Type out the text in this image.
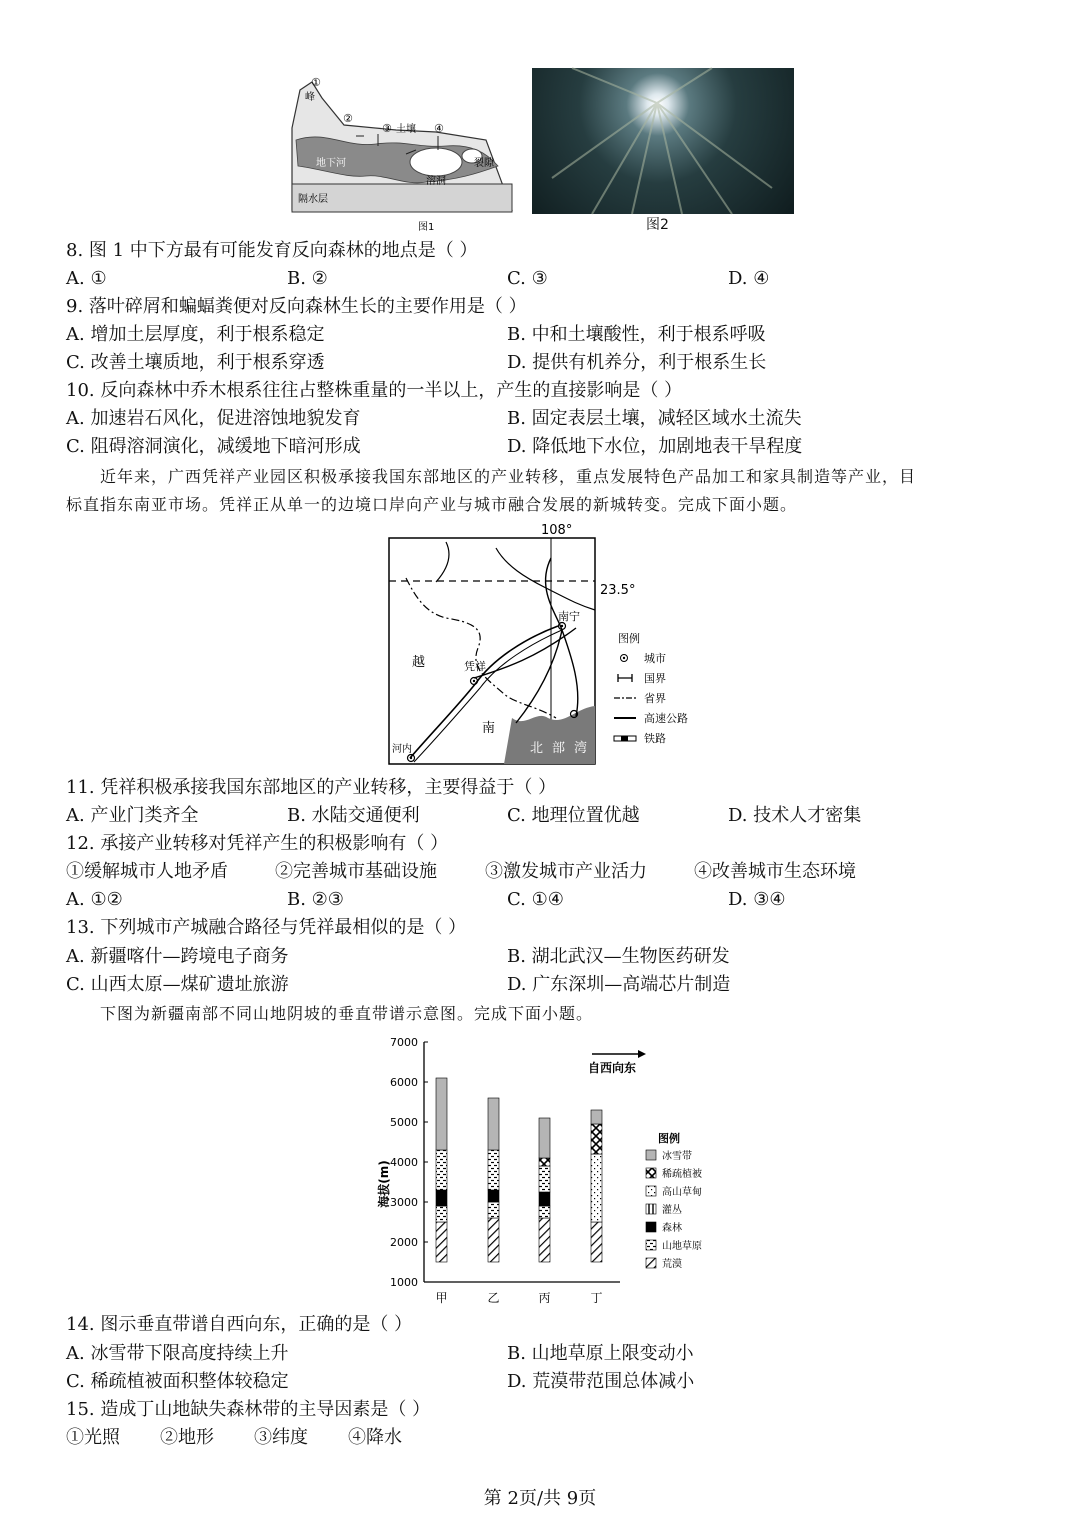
①
峰
②
③ 土壤 ④
裂隙
地下河
溶洞
隔水层
图1	图2
8. 图 1 中下方最有可能发育反向森林的地点是（ ）
A. ①	B. ②	C. ③	D. ④
9. 落叶碎屑和蝙蝠粪便对反向森林生长的主要作用是（ ）
A. 增加土层厚度，利于根系稳定	B. 中和土壤酸性，利于根系呼吸
C. 改善土壤质地，利于根系穿透	D. 提供有机养分，利于根系生长
10. 反向森林中乔木根系往往占整株重量的一半以上，产生的直接影响是（ ）
A. 加速岩石风化，促进溶蚀地貌发育	B. 固定表层土壤，减轻区域水土流失
C. 阻碍溶洞演化，减缓地下暗河形成	D. 降低地下水位，加剧地表干旱程度
近年来，广西凭祥产业园区积极承接我国东部地区的产业转移，重点发展特色产品加工和家具制造等产业，目
标直指东南亚市场。凭祥正从单一的边境口岸向产业与城市融合发展的新城转变。完成下面小题。
108°
23.5°
南宁
凭祥
河内
越
南
北 部 湾
图例
城市
国界
省界
高速公路
铁路
11. 凭祥积极承接我国东部地区的产业转移，主要得益于（ ）
A. 产业门类齐全	B. 水陆交通便利	C. 地理位置优越	D. 技术人才密集
12. 承接产业转移对凭祥产生的积极影响有（ ）
①缓解城市人地矛盾	②完善城市基础设施	③激发城市产业活力	④改善城市生态环境
A. ①②	B. ②③	C. ①④	D. ③④
13. 下列城市产城融合路径与凭祥最相似的是（ ）
A. 新疆喀什—跨境电子商务	B. 湖北武汉—生物医药研发
C. 山西太原—煤矿遗址旅游	D. 广东深圳—高端芯片制造
下图为新疆南部不同山地阴坡的垂直带谱示意图。完成下面小题。
1000
2000
3000
4000
5000
6000
7000
甲	乙	丙	丁
冰雪带
稀疏植被
高山草甸
灌丛
森林
山地草原
荒漠
海拔(m)
自西向东
图例
14. 图示垂直带谱自西向东，正确的是（ ）
A. 冰雪带下限高度持续上升	B. 山地草原上限变动小
C. 稀疏植被面积整体较稳定	D. 荒漠带范围总体减小
15. 造成丁山地缺失森林带的主导因素是（ ）
①光照 ②地形 ③纬度 ④降水
第 2页/共 9页
